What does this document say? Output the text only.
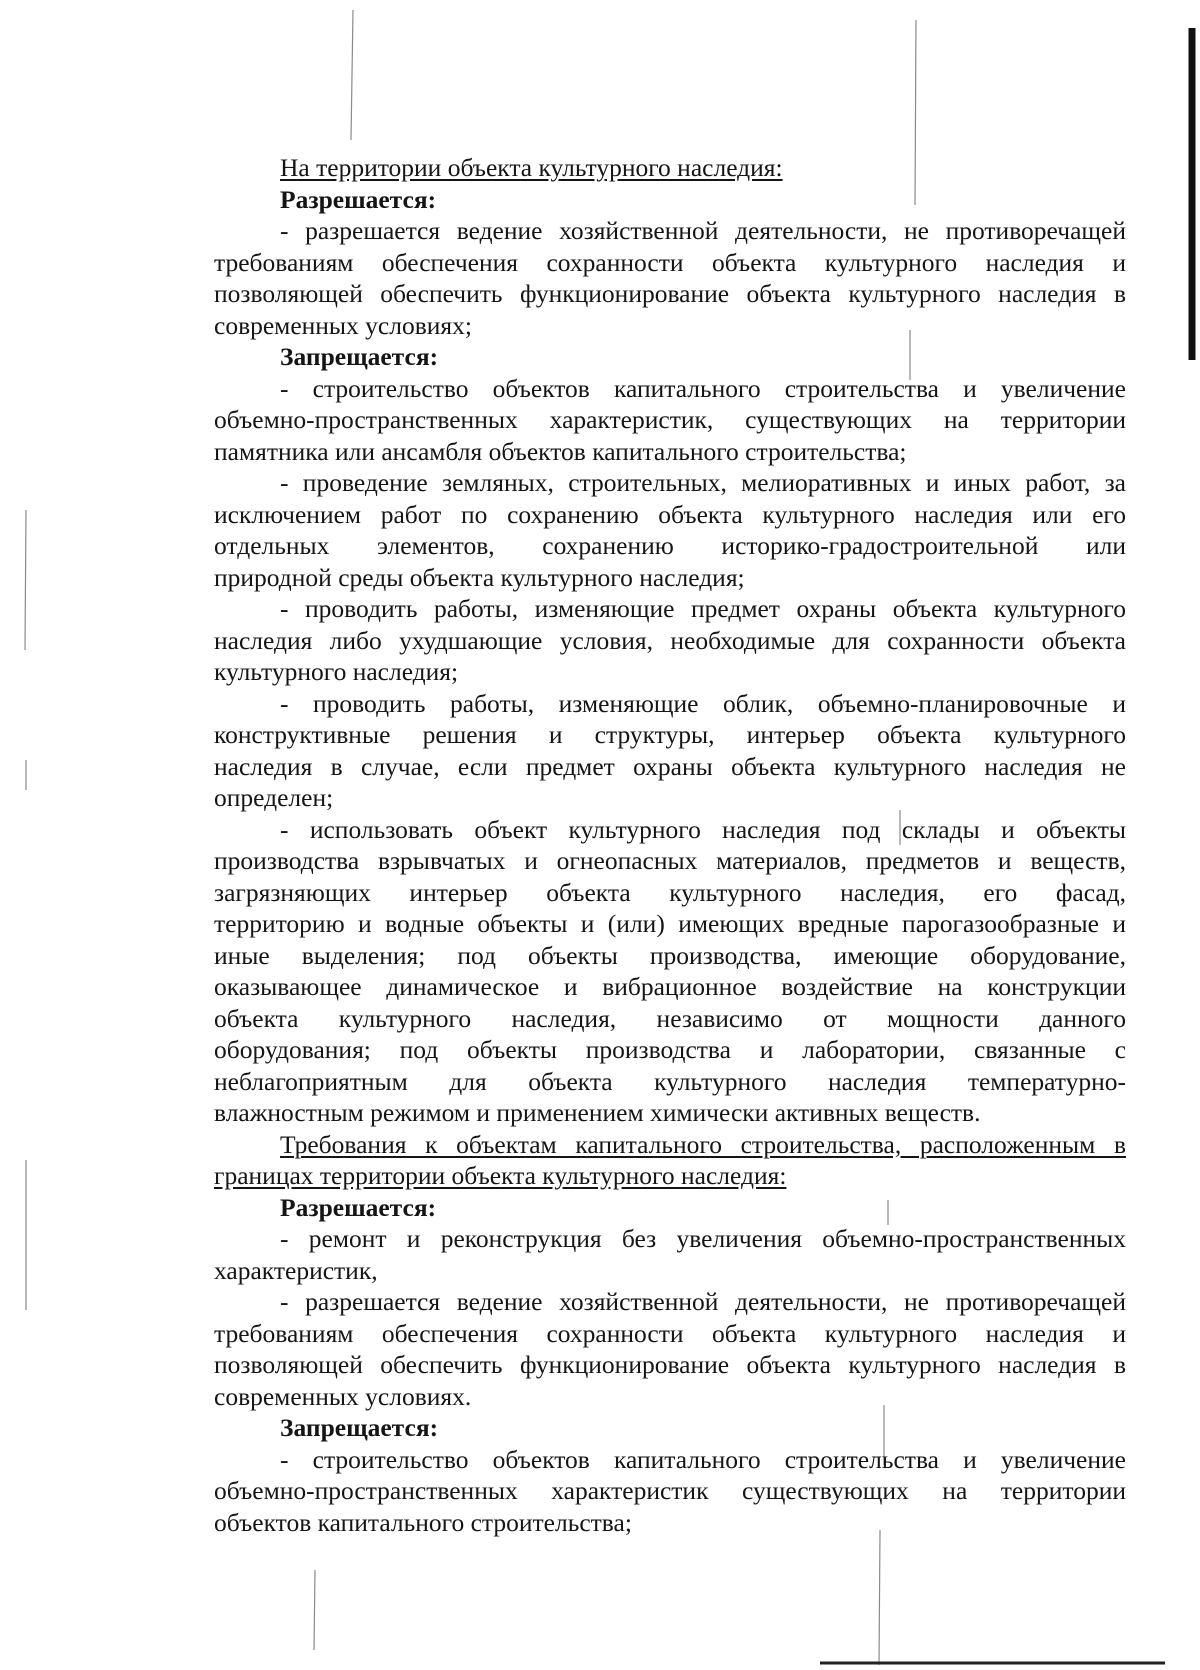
На территории объекта культурного наследия:
Разрешается:
- разрешается ведение хозяйственной деятельности, не противоречащей
требованиям обеспечения сохранности объекта культурного наследия и
позволяющей обеспечить функционирование объекта культурного наследия в
современных условиях;
Запрещается:
- строительство объектов капитального строительства и увеличение
объемно-пространственных характеристик, существующих на территории
памятника или ансамбля объектов капитального строительства;
- проведение земляных, строительных, мелиоративных и иных работ, за
исключением работ по сохранению объекта культурного наследия или его
отдельных элементов, сохранению историко-градостроительной или
природной среды объекта культурного наследия;
- проводить работы, изменяющие предмет охраны объекта культурного
наследия либо ухудшающие условия, необходимые для сохранности объекта
культурного наследия;
- проводить работы, изменяющие облик, объемно-планировочные и
конструктивные решения и структуры, интерьер объекта культурного
наследия в случае, если предмет охраны объекта культурного наследия не
определен;
- использовать объект культурного наследия под склады и объекты
производства взрывчатых и огнеопасных материалов, предметов и веществ,
загрязняющих интерьер объекта культурного наследия, его фасад,
территорию и водные объекты и (или) имеющих вредные парогазообразные и
иные выделения; под объекты производства, имеющие оборудование,
оказывающее динамическое и вибрационное воздействие на конструкции
объекта культурного наследия, независимо от мощности данного
оборудования; под объекты производства и лаборатории, связанные с
неблагоприятным для объекта культурного наследия температурно-
влажностным режимом и применением химически активных веществ.
Требования к объектам капитального строительства, расположенным в
границах территории объекта культурного наследия:
Разрешается:
- ремонт и реконструкция без увеличения объемно-пространственных
характеристик,
- разрешается ведение хозяйственной деятельности, не противоречащей
требованиям обеспечения сохранности объекта культурного наследия и
позволяющей обеспечить функционирование объекта культурного наследия в
современных условиях.
Запрещается:
- строительство объектов капитального строительства и увеличение
объемно-пространственных характеристик существующих на территории
объектов капитального строительства;
